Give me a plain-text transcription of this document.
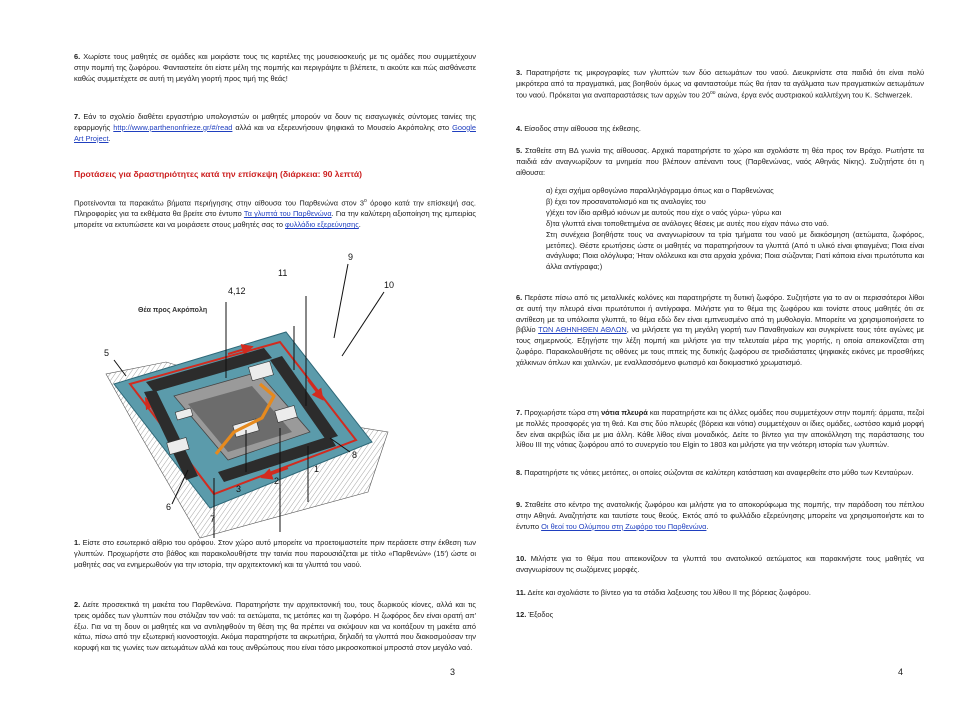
6. Χωρίστε τους μαθητές σε ομάδες και μοιράστε τους τις καρτέλες της μουσειοσκευής με τις ομάδες που συμμετέχουν στην πομπή της ζωφόρου. Φανταστείτε ότι είστε μέλη της πομπής και περιγράψτε τι βλέπετε, τι ακούτε και πώς αισθάνεστε καθώς συμμετέχετε σε αυτή τη μεγάλη γιορτή προς τιμή της θεάς!

7. Εάν το σχολείο διαθέτει εργαστήριο υπολογιστών οι μαθητές μπορούν να δουν τις εισαγωγικές σύντομες ταινίες της εφαρμογής http://www.parthenonfrieze.gr/#/read αλλά και να εξερευνήσουν ψηφιακά το Μουσείο Ακρόπολης στο Google Art Project.

Προτάσεις για δραστηριότητες κατά την επίσκεψη (διάρκεια: 90 λεπτά)

Προτείνονται τα παρακάτω βήματα περιήγησης στην αίθουσα του Παρθενώνα στον $3^o$ όροφο κατά την επίσκεψή σας. Πληροφορίες για τα εκθέματα θα βρείτε στο έντυπο Τα γλυπτά του Παρθενώνα. Για την καλύτερη αξιοποίηση της εμπειρίας μπορείτε να εκτυπώσετε και να μοιράσετε στους μαθητές σας το φυλλάδιο εξερεύνησης.

4,12
11
9
10
5
1
8
2
3
6
7
Θέα προς Ακρόπολη

1. Είστε στο εσωτερικό αίθριο του ορόφου. Στον χώρο αυτό μπορείτε να προετοιμαστείτε πριν περάσετε στην έκθεση των γλυπτών. Προχωρήστε στο βάθος και παρακολουθήστε την ταινία που παρουσιάζεται με τίτλο «Παρθενών» (15') ώστε οι μαθητές σας να ενημερωθούν για την ιστορία, την αρχιτεκτονική και τα γλυπτά του ναού.

2. Δείτε προσεκτικά τη μακέτα του Παρθενώνα. Παρατηρήστε την αρχιτεκτονική του, τους δωρικούς κίονες, αλλά και τις τρεις ομάδες των γλυπτών που στόλιζαν τον ναό: τα αετώματα, τις μετόπες και τη ζωφόρο. Η ζωφόρος δεν είναι ορατή απ' έξω. Για να τη δουν οι μαθητές και να αντιληφθούν τη θέση της θα πρέπει να σκύψουν και να κοιτάξουν τη μακέτα από κάτω, πίσω από την εξωτερική κιονοστοιχία. Ακόμα παρατηρήστε τα ακρωτήρια, δηλαδή τα γλυπτά που διακοσμούσαν την κορυφή και τις γωνίες των αετωμάτων αλλά και τους ανθρώπους που είναι τόσο μικροσκοπικοί μπροστά στον μεγάλο ναό.

3

3. Παρατηρήστε τις μικρογραφίες των γλυπτών των δύο αετωμάτων του ναού. Διευκρινίστε στα παιδιά ότι είναι πολύ μικρότερα από τα πραγματικά, μας βοηθούν όμως να φανταστούμε πώς θα ήταν τα αγάλματα των πραγματικών αετωμάτων του ναού. Πρόκειται για αναπαραστάσεις των αρχών του $20^{o\upsilon}$ αιώνα, έργα ενός αυστριακού καλλιτέχνη του K. Schwerzek.

4. Είσοδος στην αίθουσα της έκθεσης.

5. Σταθείτε στη ΒΔ γωνία της αίθουσας. Αρχικά παρατηρήστε το χώρο και σχολιάστε τη θέα προς τον Βράχο. Ρωτήστε τα παιδιά εάν αναγνωρίζουν τα μνημεία που βλέπουν απέναντι τους (Παρθενώνας, ναός Αθηνάς Νίκης). Συζητήστε ότι η αίθουσα:
α) έχει σχήμα ορθογώνιο παραλληλόγραμμο όπως και ο Παρθενώνας
β) έχει τον προσανατολισμό και τις αναλογίες του
γ)έχει τον ίδιο αριθμό κιόνων με αυτούς που είχε ο ναός γύρω- γύρω και
δ)τα γλυπτά είναι τοποθετημένα σε ανάλογες θέσεις με αυτές που είχαν πάνω στο ναό.
Στη συνέχεια βοηθήστε τους να αναγνωρίσουν τα τρία τμήματα του ναού με διακόσμηση (αετώματα, ζωφόρος, μετόπες). Θέστε ερωτήσεις ώστε οι μαθητές να παρατηρήσουν τα γλυπτά (Από τι υλικό είναι φτιαγμένα; Ποια είναι ανάγλυφα; Ποια ολόγλυφα; Ήταν ολόλευκα και στα αρχαία χρόνια; Ποια σώζονται; Γιατί κάποια είναι πρωτότυπα και άλλα αντίγραφα;)

6. Περάστε πίσω από τις μεταλλικές κολόνες και παρατηρήστε τη δυτική ζωφόρο. Συζητήστε για το αν οι περισσότεροι λίθοι σε αυτή την πλευρά είναι πρωτότυποι ή αντίγραφα. Μιλήστε για το θέμα της ζωφόρου και τονίστε στους μαθητές ότι σε αντίθεση με τα υπόλοιπα γλυπτά, το θέμα εδώ δεν είναι εμπνευσμένο από τη μυθολογία. Μπορείτε να χρησιμοποιήσετε το βιβλίο ΤΩΝ ΑΘΗΝΗΘΕΝ ΑΘΛΩΝ, να μιλήσετε για τη μεγάλη γιορτή των Παναθηναίων και συγκρίνετε τους τότε αγώνες με τους σημερινούς. Εξηγήστε την λέξη πομπή και μιλήστε για την τελευταία μέρα της γιορτής, η οποία απεικονίζεται στη ζωφόρο. Παρακολουθήστε τις οθόνες με τους ιππείς της δυτικής ζωφόρου σε τρισδιάστατες ψηφιακές εικόνες με προσθήκες χάλκινων όπλων και χαλινών, με εναλλασσόμενο φωτισμό και δοκιμαστικό χρωματισμό.

7. Προχωρήστε τώρα στη νότια πλευρά και παρατηρήστε και τις άλλες ομάδες που συμμετέχουν στην πομπή: άρματα, πεζοί με πολλές προσφορές για τη θεά. Και στις δύο πλευρές (βόρεια και νότια) συμμετέχουν οι ίδιες ομάδες, ωστόσο καμιά μορφή δεν είναι ακριβώς ίδια με μια άλλη. Κάθε λίθος είναι μοναδικός. Δείτε το βίντεο για την αποκόλληση της παράστασης του λίθου ΙΙΙ της νότιας ζωφόρου από το συνεργείο του Elgin το 1803 και μιλήστε για την νεότερη ιστορία των γλυπτών.

8. Παρατηρήστε τις νότιες μετόπες, οι οποίες σώζονται σε καλύτερη κατάσταση και αναφερθείτε στο μύθο των Κενταύρων.

9. Σταθείτε στο κέντρο της ανατολικής ζωφόρου και μιλήστε για το αποκορύφωμα της πομπής, την παράδοση του πέπλου στην Αθηνά. Αναζητήστε και ταυτίστε τους θεούς. Εκτός από το φυλλάδιο εξερεύνησης μπορείτε να χρησιμοποιήστε και το έντυπο Οι θεοί του Ολύμπου στη Ζωφόρο του Παρθενώνα.

10. Μιλήστε για το θέμα που απεικονίζουν τα γλυπτά του ανατολικού αετώματος και παρακινήστε τους μαθητές να αναγνωρίσουν τις σωζόμενες μορφές.

11. Δείτε και σχολιάστε το βίντεο για τα στάδια λαξευσης του λίθου ΙΙ της βόρειας ζωφόρου.

12. Έξοδος

4
